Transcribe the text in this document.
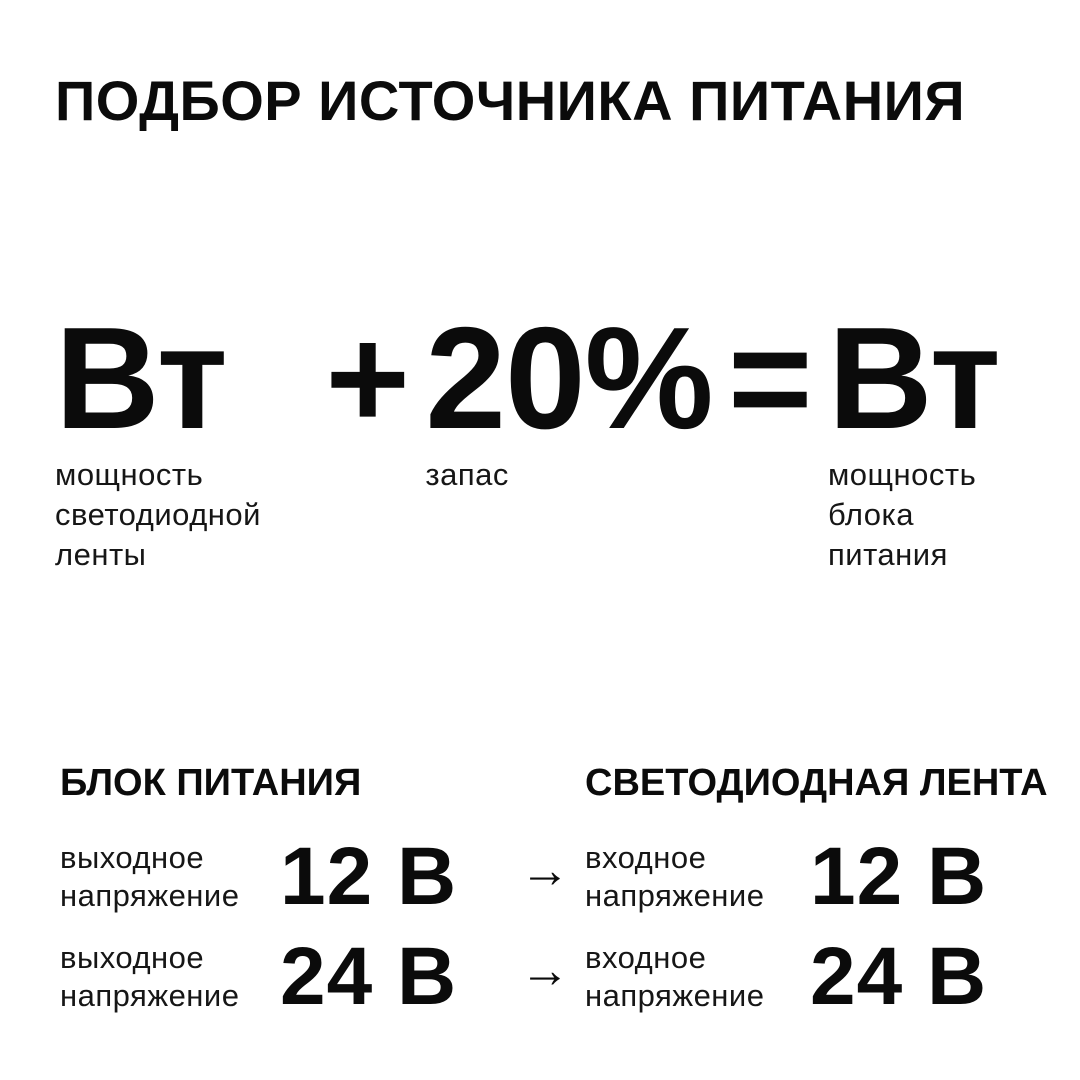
ПОДБОР ИСТОЧНИКА ПИТАНИЯ
Вт
мощность светодиодной ленты
+ 20%
запас
= Вт
мощность блока питания
БЛОК ПИТАНИЯ	СВЕТОДИОДНАЯ ЛЕНТА
выходное напряжение 12 В	→ входное напряжение 12 В
выходное напряжение 24 В	→ входное напряжение 24 В
